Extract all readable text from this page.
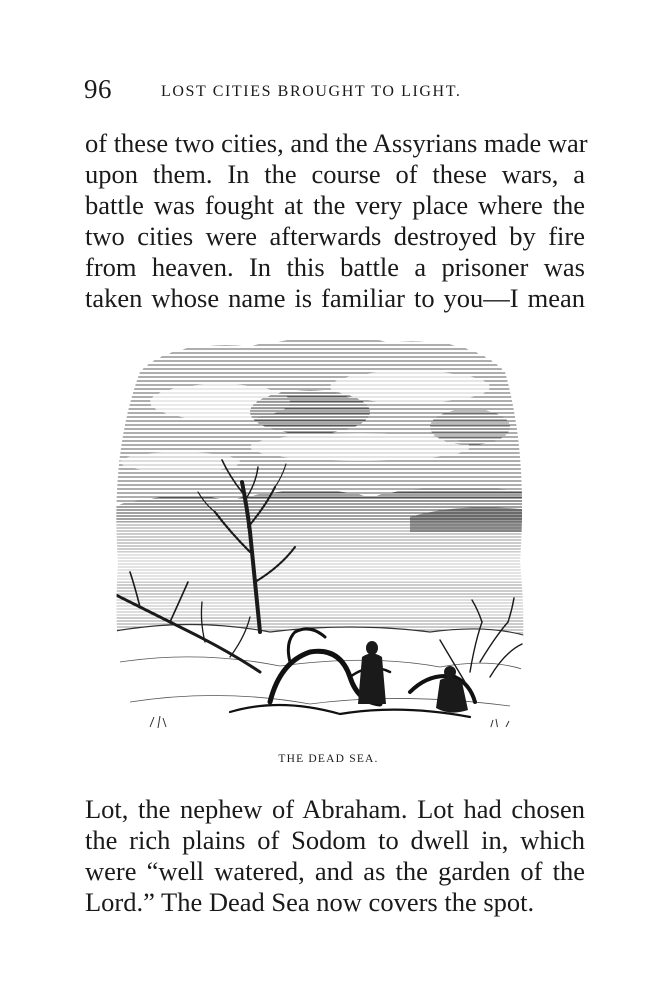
96	LOST CITIES BROUGHT TO LIGHT.
of these two cities, and the Assyrians made war
upon them. In the course of these wars, a
battle was fought at the very place where the
two cities were afterwards destroyed by fire
from heaven. In this battle a prisoner was
taken whose name is familiar to you—I mean
THE DEAD SEA.
Lot, the nephew of Abraham. Lot had chosen
the rich plains of Sodom to dwell in, which
were “well watered, and as the garden of the
Lord.” The Dead Sea now covers the spot.
